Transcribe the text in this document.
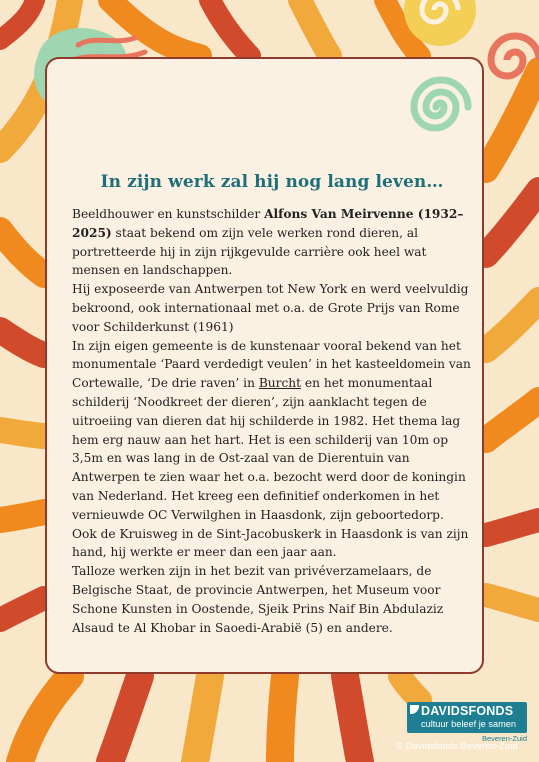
In zijn werk zal hij nog lang leven…

Beeldhouwer en kunstschilder Alfons Van Meirvenne (1932–2025) staat bekend om zijn vele werken rond dieren, al portretteerde hij in zijn rijkgevulde carrière ook heel wat mensen en landschappen.

Hij exposeerde van Antwerpen tot New York en werd veelvuldig bekroond, ook internationaal met o.a. de Grote Prijs van Rome voor Schilderkunst (1961)

In zijn eigen gemeente is de kunstenaar vooral bekend van het monumentale ‘Paard verdedigt veulen’ in het kasteeldomein van Cortewalle, ‘De drie raven’ in Burcht en het monumentaal schilderij ‘Noodkreet der dieren’, zijn aanklacht tegen de uitroeiing van dieren dat hij schilderde in 1982. Het thema lag hem erg nauw aan het hart. Het is een schilderij van 10m op 3,5m en was lang in de Ost-zaal van de Dierentuin van Antwerpen te zien waar het o.a. bezocht werd door de koningin van Nederland. Het kreeg een definitief onderkomen in het vernieuwde OC Verwilghen in Haasdonk, zijn geboortedorp. Ook de Kruisweg in de Sint-Jacobuskerk in Haasdonk is van zijn hand, hij werkte er meer dan een jaar aan.

Talloze werken zijn in het bezit van privéverzamelaars, de Belgische Staat, de provincie Antwerpen, het Museum voor Schone Kunsten in Oostende, Sjeik Prins Naif Bin Abdulaziz Alsaud te Al Khobar in Saoedi-Arabië (5) en andere.

DAVIDSFONDS
cultuur beleef je samen
Beveren-Zuid
© Davidsfonds Beveren-Zuid
